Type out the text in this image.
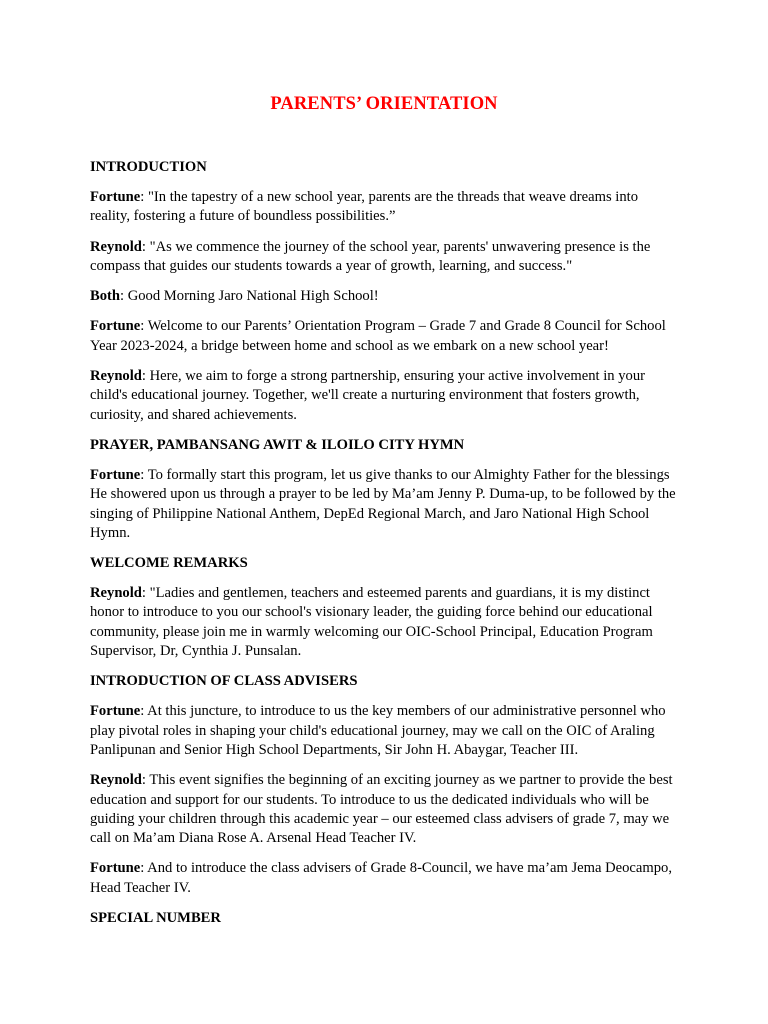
PARENTS’ ORIENTATION
INTRODUCTION

Fortune: "In the tapestry of a new school year, parents are the threads that weave dreams into reality, fostering a future of boundless possibilities.”

Reynold: "As we commence the journey of the school year, parents' unwavering presence is the compass that guides our students towards a year of growth, learning, and success."

Both: Good Morning Jaro National High School!

Fortune: Welcome to our Parents’ Orientation Program – Grade 7 and Grade 8 Council for School Year 2023-2024, a bridge between home and school as we embark on a new school year!

Reynold: Here, we aim to forge a strong partnership, ensuring your active involvement in your child's educational journey. Together, we'll create a nurturing environment that fosters growth, curiosity, and shared achievements.

PRAYER, PAMBANSANG AWIT & ILOILO CITY HYMN

Fortune: To formally start this program, let us give thanks to our Almighty Father for the blessings He showered upon us through a prayer to be led by Ma’am Jenny P. Duma-up, to be followed by the singing of Philippine National Anthem, DepEd Regional March, and Jaro National High School Hymn.

WELCOME REMARKS

Reynold: "Ladies and gentlemen, teachers and esteemed parents and guardians, it is my distinct honor to introduce to you our school's visionary leader, the guiding force behind our educational community, please join me in warmly welcoming our OIC-School Principal, Education Program Supervisor, Dr, Cynthia J. Punsalan.

INTRODUCTION OF CLASS ADVISERS

Fortune: At this juncture, to introduce to us the key members of our administrative personnel who play pivotal roles in shaping your child's educational journey, may we call on the OIC of Araling Panlipunan and Senior High School Departments, Sir John H. Abaygar, Teacher III.

Reynold: This event signifies the beginning of an exciting journey as we partner to provide the best education and support for our students. To introduce to us the dedicated individuals who will be guiding your children through this academic year – our esteemed class advisers of grade 7, may we call on Ma’am Diana Rose A. Arsenal Head Teacher IV.

Fortune: And to introduce the class advisers of Grade 8-Council, we have ma’am Jema Deocampo, Head Teacher IV.

SPECIAL NUMBER
